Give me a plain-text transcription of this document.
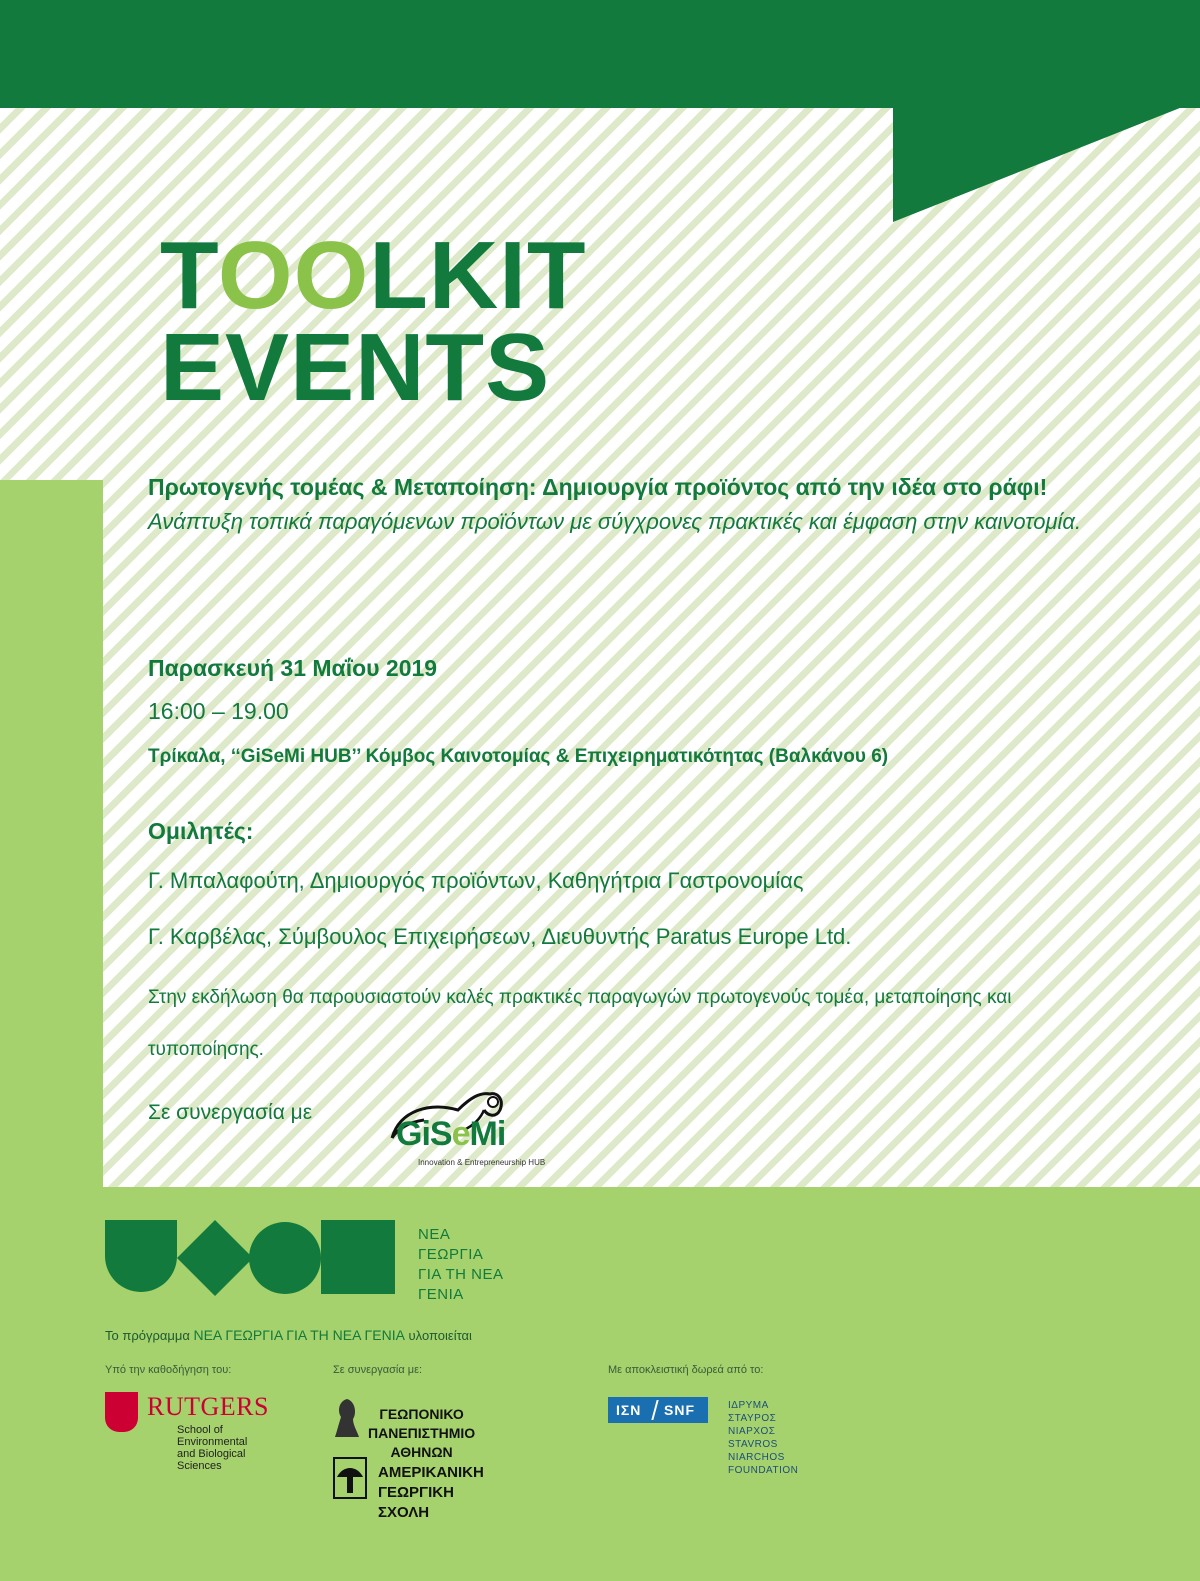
TOOLKIT
EVENTS
Πρωτογενής τομέας & Μεταποίηση: Δημιουργία προϊόντος από την ιδέα στο ράφι!
Ανάπτυξη τοπικά παραγόμενων προϊόντων με σύγχρονες πρακτικές και έμφαση στην καινοτομία.
Παρασκευή 31 Μαΐου 2019
16:00 – 19.00
Τρίκαλα, ‘‘GiSeMi HUB’’ Κόμβος Καινοτομίας & Επιχειρηματικότητας (Βαλκάνου 6)
Ομιλητές:
Γ. Μπαλαφούτη, Δημιουργός προϊόντων, Καθηγήτρια Γαστρονομίας
Γ. Καρβέλας, Σύμβουλος Επιχειρήσεων, Διευθυντής Paratus Europe Ltd.
Στην εκδήλωση θα παρουσιαστούν καλές πρακτικές παραγωγών πρωτογενούς τομέα, μεταποίησης και τυποποίησης.
Σε συνεργασία με
GiSeMi
Innovation & Entrepreneurship HUB
ΝΕΑ
ΓΕΩΡΓΙΑ
ΓΙΑ ΤΗ ΝΕΑ
ΓΕΝΙΑ
Το πρόγραμμα ΝΕΑ ΓΕΩΡΓΙΑ ΓΙΑ ΤΗ ΝΕΑ ΓΕΝΙΑ υλοποιείται
Υπό την καθοδήγηση του:	Σε συνεργασία με:	Με αποκλειστική δωρεά από το:
RUTGERS
School of Environmental
and Biological Sciences
ΓΕΩΠΟΝΙΚΟ ΠΑΝΕΠΙΣΤΗΜΙΟ
ΑΘΗΝΩΝ
ΑΜΕΡΙΚΑΝΙΚΗ
ΓΕΩΡΓΙΚΗ ΣΧΟΛΗ
ΙΣΝ SNF	ΙΔΡΥΜΑ ΣΤΑΥΡΟΣ ΝΙΑΡΧΟΣ
STAVROS NIARCHOS FOUNDATION
